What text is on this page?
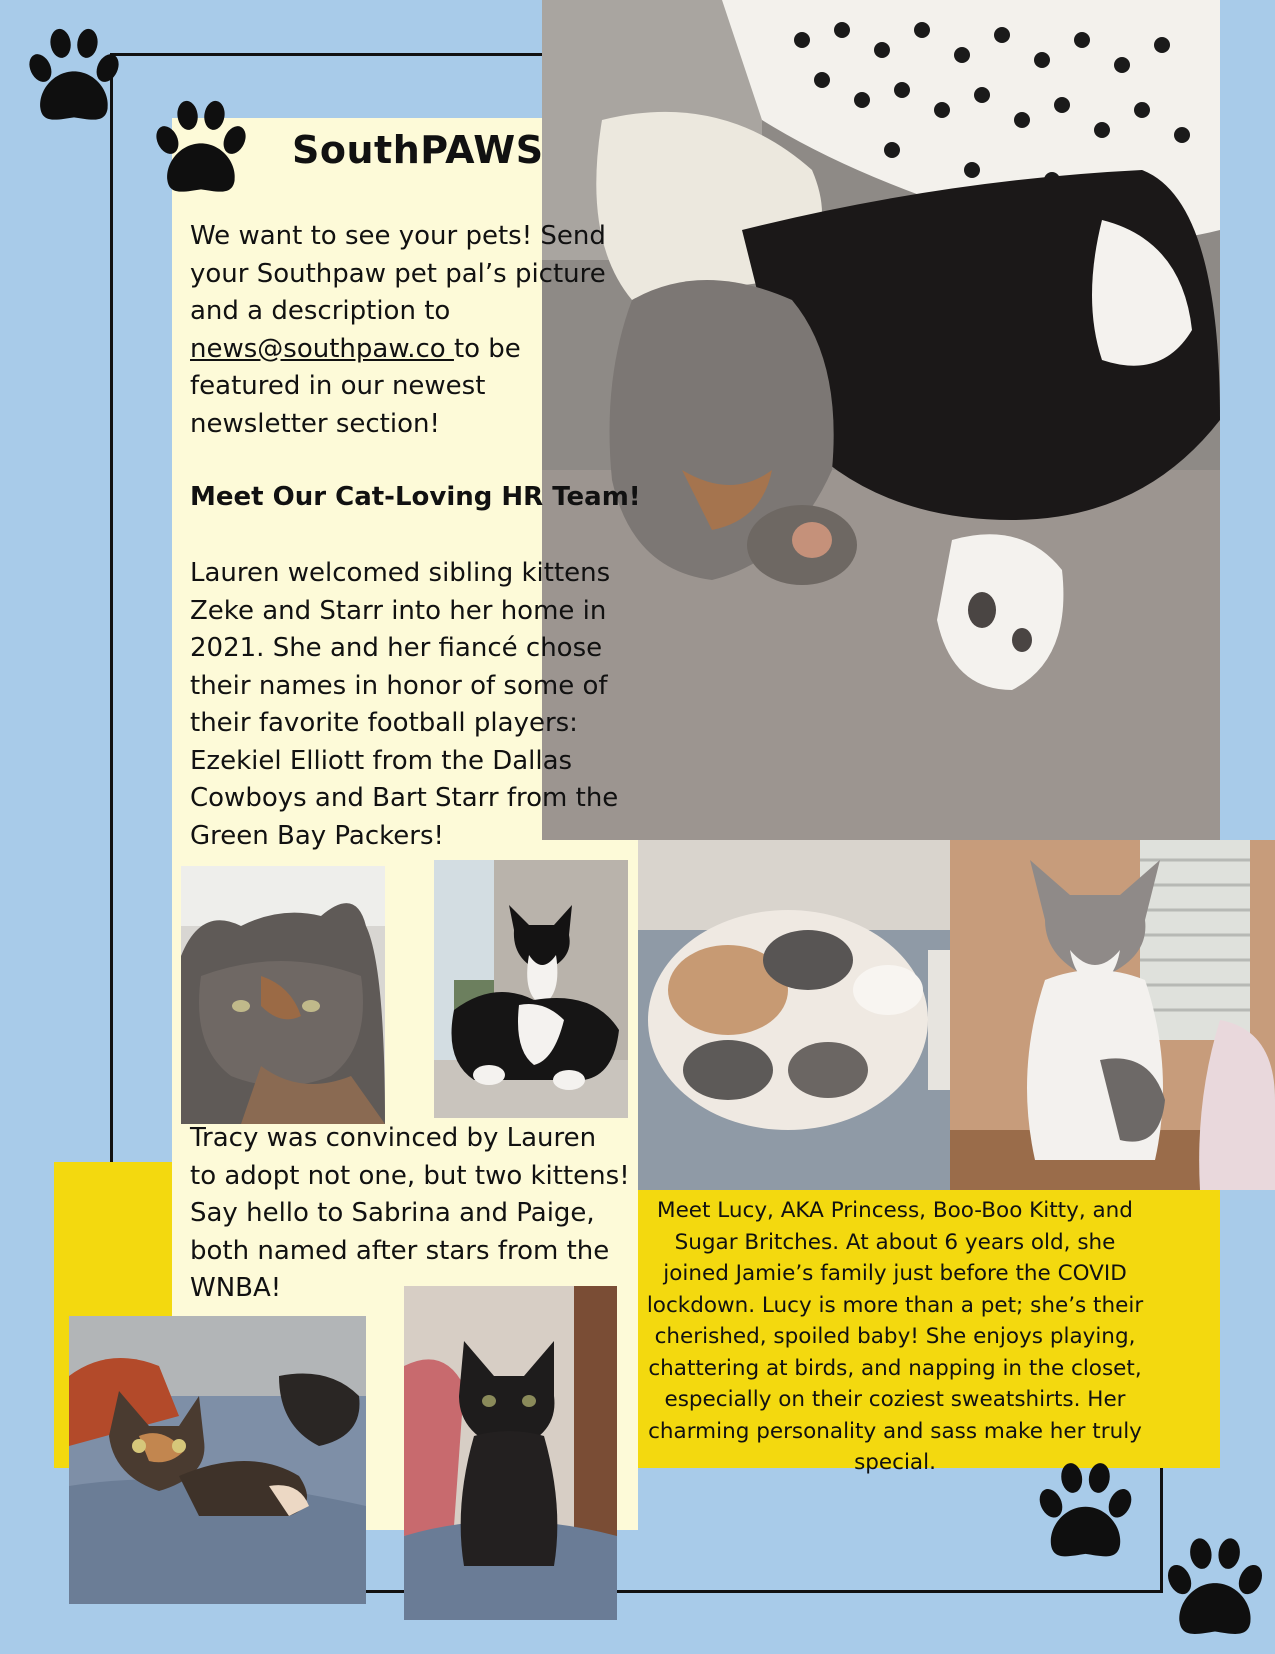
SouthPAWS
We want to see your pets! Send your Southpaw pet pal’s picture and a description to news@southpaw.co to be featured in our newest newsletter section!
Meet Our Cat-Loving HR Team!
Lauren welcomed sibling kittens Zeke and Starr into her home in 2021. She and her fiancé chose their names in honor of some of their favorite football players: Ezekiel Elliott from the Dallas Cowboys and Bart Starr from the Green Bay Packers!
Tracy was convinced by Lauren to adopt not one, but two kittens! Say hello to Sabrina and Paige, both named after stars from the WNBA!
Meet Lucy, AKA Princess, Boo-Boo Kitty, and Sugar Britches. At about 6 years old, she joined Jamie’s family just before the COVID lockdown. Lucy is more than a pet; she’s their cherished, spoiled baby! She enjoys playing, chattering at birds, and napping in the closet, especially on their coziest sweatshirts. Her charming personality and sass make her truly special.
